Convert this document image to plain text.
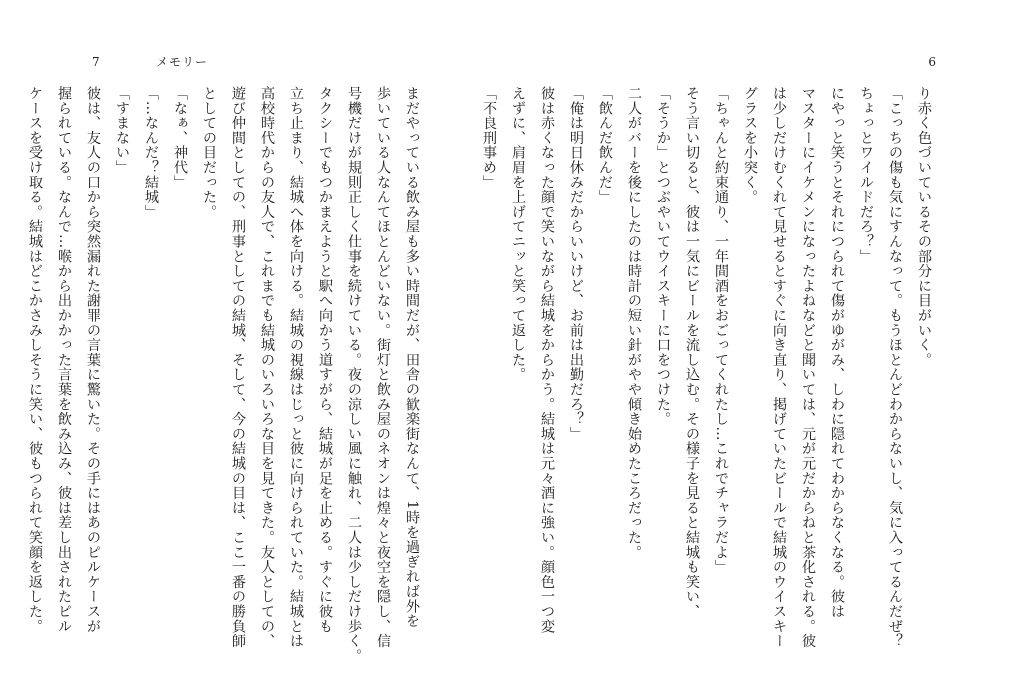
7	メモリー
まだやっている飲み屋も多い時間だが、田舎の歓楽街なんて、1時を過ぎれば外を
歩いている人なんてほとんどいない。街灯と飲み屋のネオンは煌々と夜空を隠し、信
号機だけが規則正しく仕事を続けている。夜の涼しい風に触れ、二人は少しだけ歩く。
タクシーでもつかまえようと駅へ向かう道すがら、結城が足を止める。すぐに彼も
立ち止まり、結城へ体を向ける。結城の視線はじっと彼に向けられていた。結城とは
高校時代からの友人で、これまでも結城のいろいろな目を見てきた。友人としての、
遊び仲間としての、刑事としての結城、そして、今の結城の目は、ここ一番の勝負師
としての目だった。
「なぁ、神代」
「…なんだ？結城」
「すまない」
彼は、友人の口から突然漏れた謝罪の言葉に驚いた。その手にはあのピルケースが
握られている。なんで…喉から出かかった言葉を飲み込み、彼は差し出されたピル
ケースを受け取る。結城はどこかさみしそうに笑い、彼もつられて笑顔を返した。
6
り赤く色づいているその部分に目がいく。
「こっちの傷も気にすんなって。もうほとんどわからないし、気に入ってるんだぜ？
ちょっとワイルドだろ？」
にやっと笑うとそれにつられて傷がゆがみ、しわに隠れてわからなくなる。彼は
マスターにイケメンになったよねなどと聞いては、元が元だからねと茶化される。彼
は少しだけむくれて見せるとすぐに向き直り、掲げていたビールで結城のウイスキー
グラスを小突く。
「ちゃんと約束通り、一年間酒をおごってくれたし…これでチャラだよ」
そう言い切ると、彼は一気にビールを流し込む。その様子を見ると結城も笑い、
「そうか」とつぶやいてウイスキーに口をつけた。
二人がバーを後にしたのは時計の短い針がやや傾き始めたころだった。
「飲んだ飲んだ」
「俺は明日休みだからいいけど、お前は出勤だろ？」
彼は赤くなった顔で笑いながら結城をからかう。結城は元々酒に強い。顔色一つ変
えずに、肩眉を上げてニッと笑って返した。
「不良刑事め」
